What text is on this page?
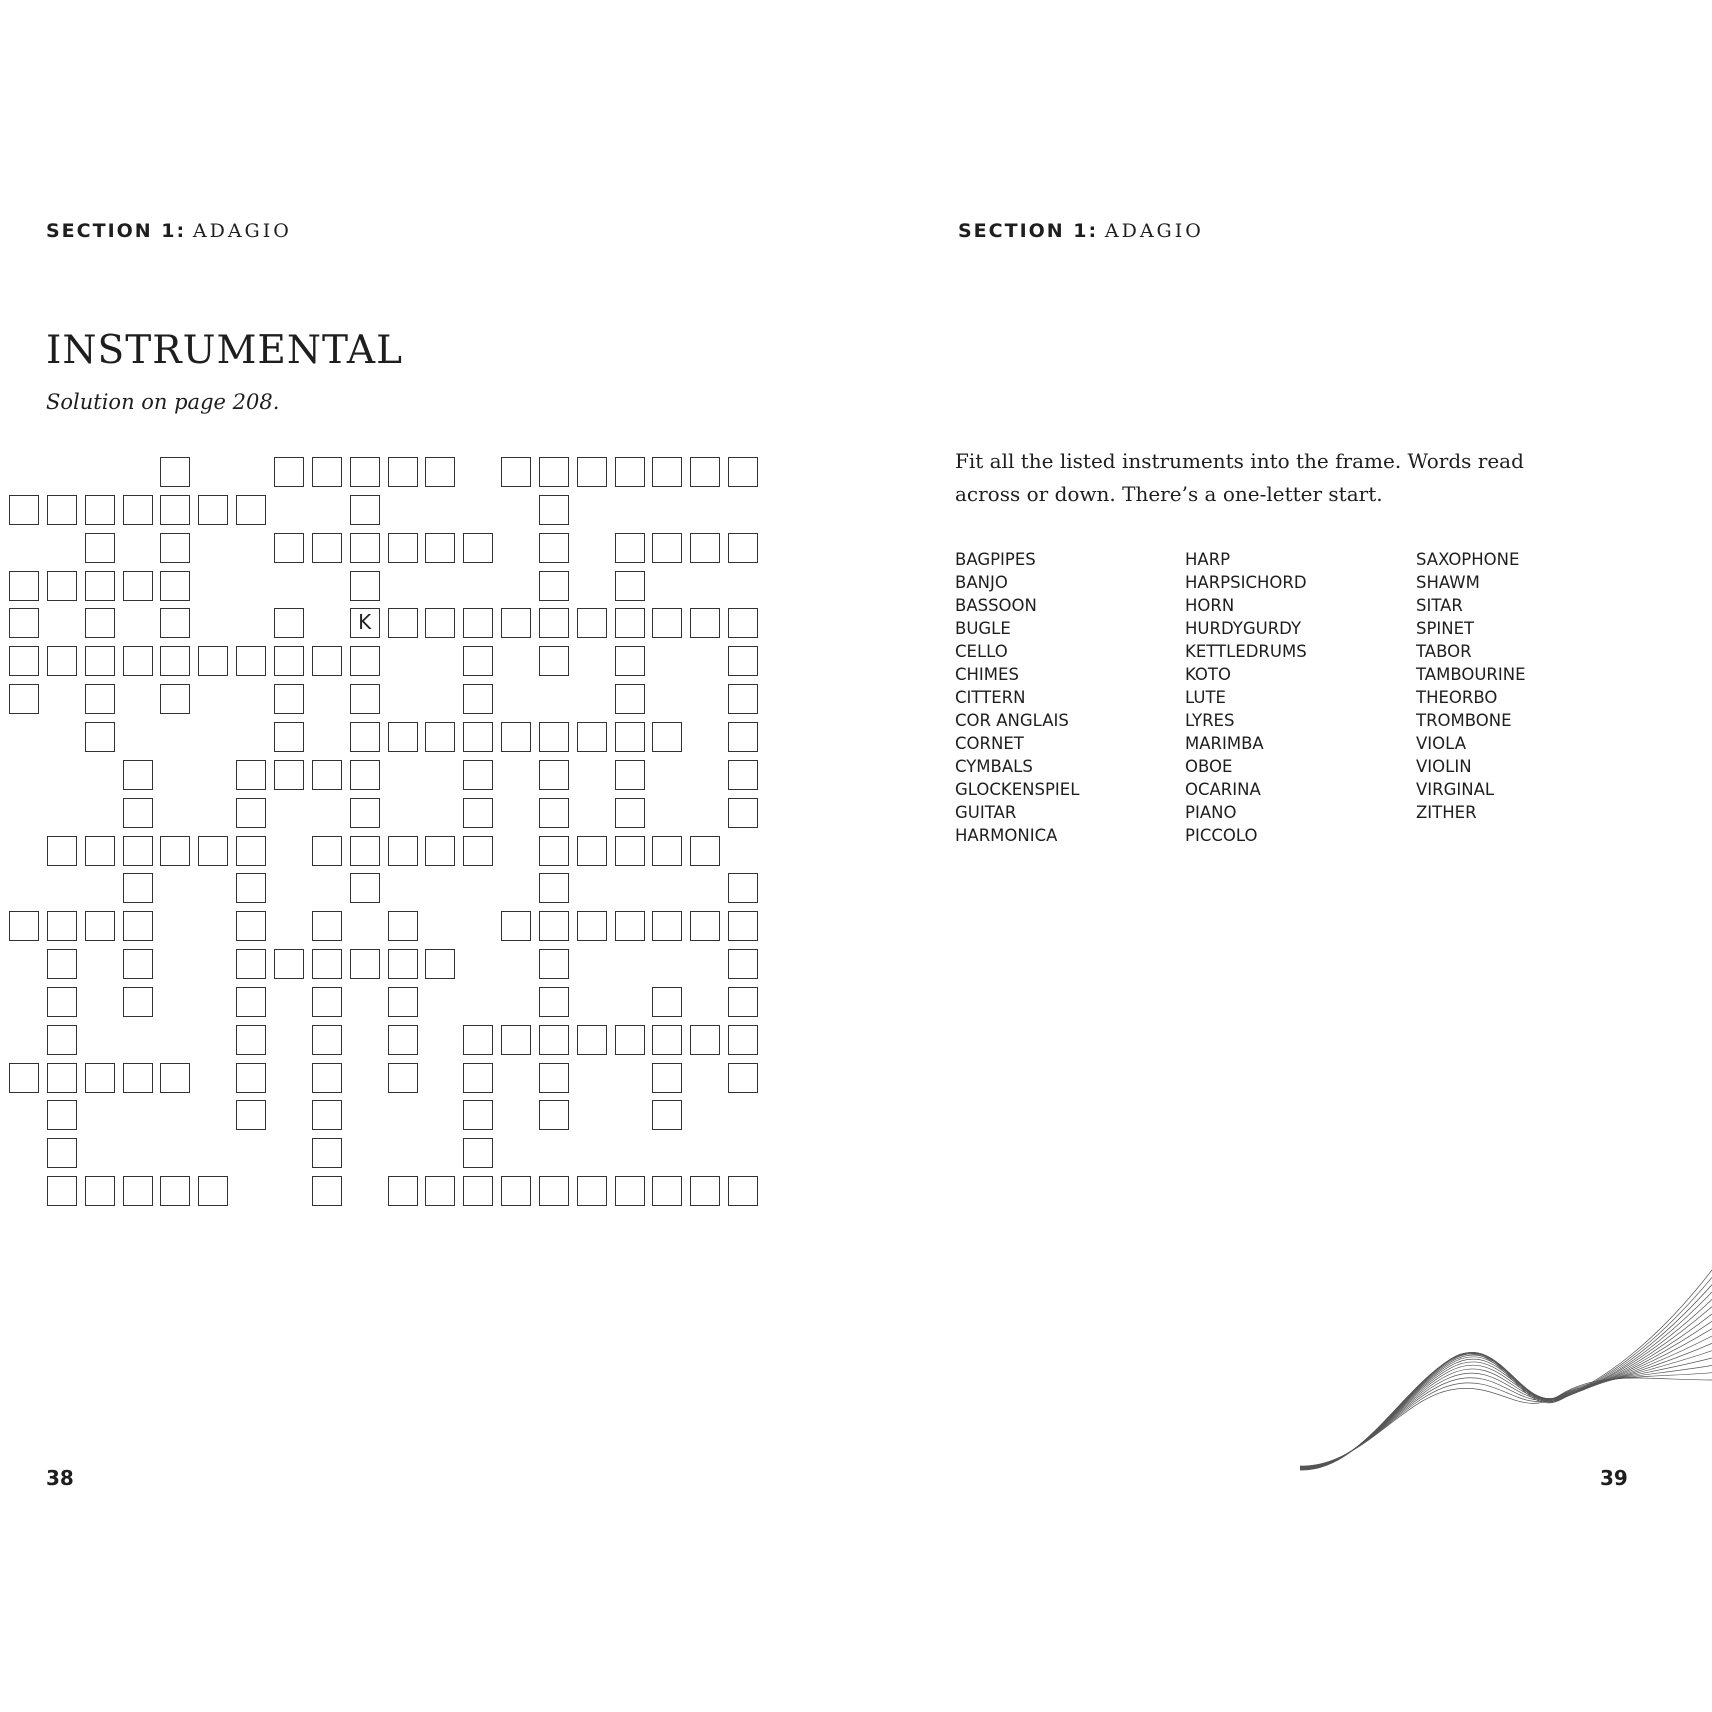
SECTION 1: ADAGIO
INSTRUMENTAL
Solution on page 208.
K
38
SECTION 1: ADAGIO
Fit all the listed instruments into the frame. Words read across or down. There’s a one-letter start.
BAGPIPES
BANJO
BASSOON
BUGLE
CELLO
CHIMES
CITTERN
COR ANGLAIS
CORNET
CYMBALS
GLOCKENSPIEL
GUITAR
HARMONICA
HARP
HARPSICHORD
HORN
HURDYGURDY
KETTLEDRUMS
KOTO
LUTE
LYRES
MARIMBA
OBOE
OCARINA
PIANO
PICCOLO
SAXOPHONE
SHAWM
SITAR
SPINET
TABOR
TAMBOURINE
THEORBO
TROMBONE
VIOLA
VIOLIN
VIRGINAL
ZITHER
39
